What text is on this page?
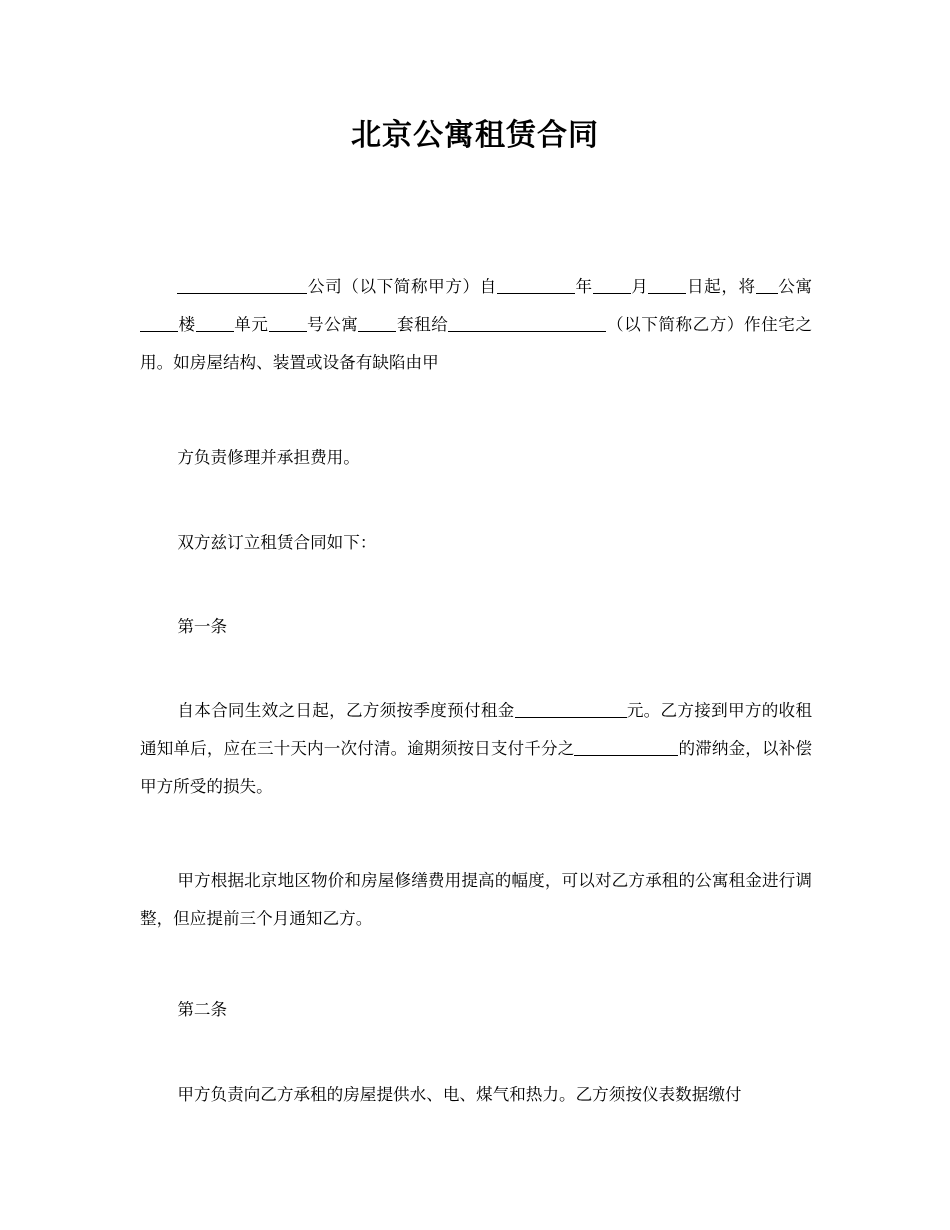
北京公寓租赁合同

公司（以下简称甲方）自	年 月 日起，将 公寓楼 单元 号公寓 套租给	（以下简称乙方）作住宅之用。如房屋结构、装置或设备有缺陷由甲

方负责修理并承担费用。

双方兹订立租赁合同如下：

第一条

自本合同生效之日起，乙方须按季度预付租金	元。乙方接到甲方的收租通知单后，应在三十天内一次付清。逾期须按日支付千分之	的滞纳金，以补偿甲方所受的损失。

甲方根据北京地区物价和房屋修缮费用提高的幅度，可以对乙方承租的公寓租金进行调整，但应提前三个月通知乙方。

第二条

甲方负责向乙方承租的房屋提供水、电、煤气和热力。乙方须按仪表数据缴付
